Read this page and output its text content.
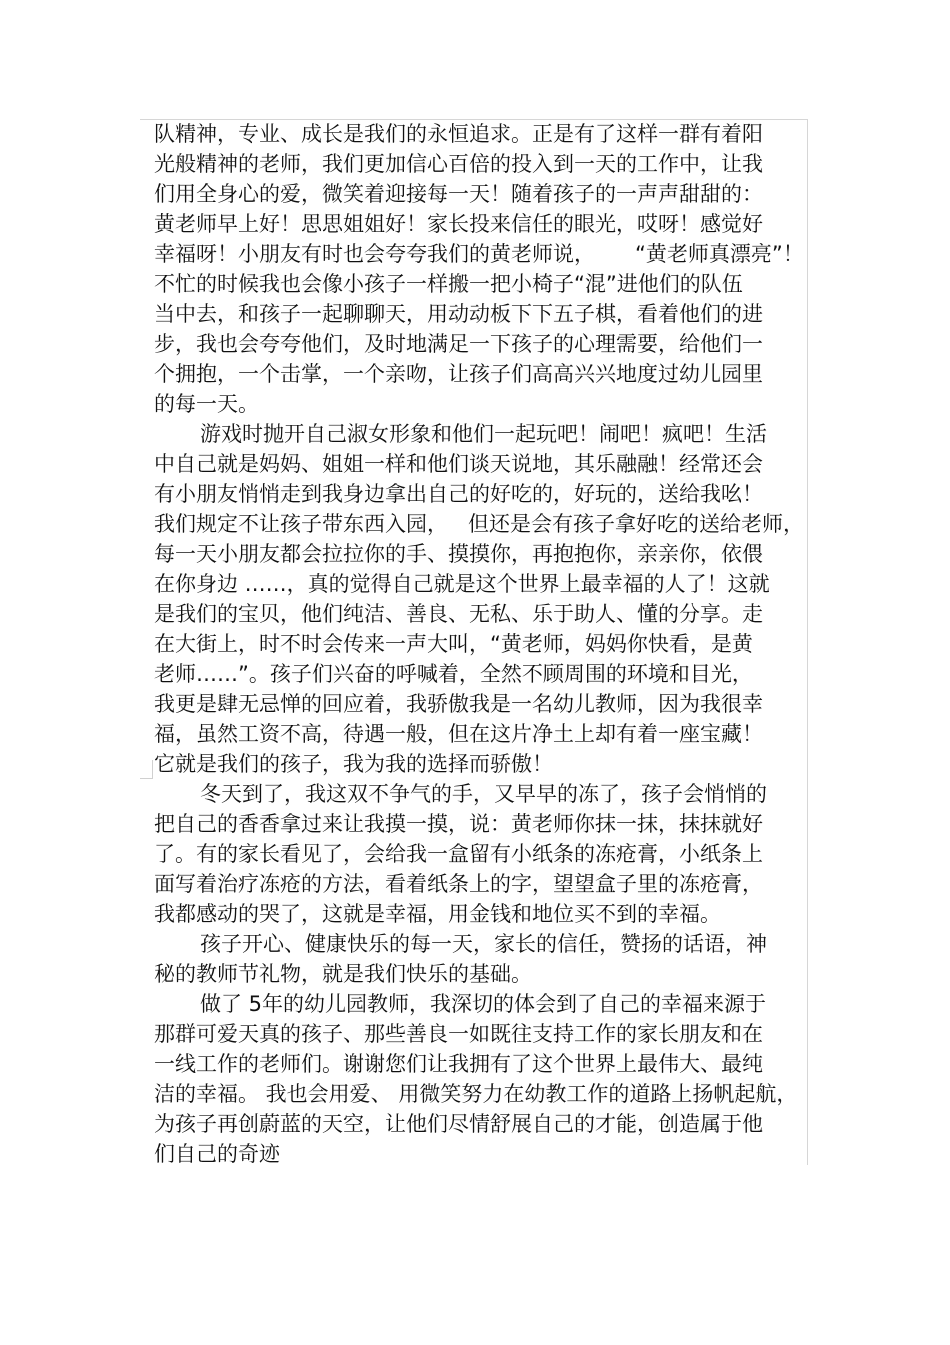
队精神，专业、成长是我们的永恒追求。正是有了这样一群有着阳
光般精神的老师，我们更加信心百倍的投入到一天的工作中，让我
们用全身心的爱，微笑着迎接每一天！随着孩子的一声声甜甜的：
黄老师早上好！思思姐姐好！家长投来信任的眼光，哎呀！感觉好
幸福呀！小朋友有时也会夸夸我们的黄老师说，      “黄老师真漂亮”！
不忙的时候我也会像小孩子一样搬一把小椅子“混”进他们的队伍
当中去，和孩子一起聊聊天，用动动板下下五子棋，看着他们的进
步，我也会夸夸他们，及时地满足一下孩子的心理需要，给他们一
个拥抱，一个击掌，一个亲吻，让孩子们高高兴兴地度过幼儿园里
的每一天。
游戏时抛开自己淑女形象和他们一起玩吧！闹吧！疯吧！生活
中自己就是妈妈、姐姐一样和他们谈天说地，其乐融融！经常还会
有小朋友悄悄走到我身边拿出自己的好吃的，好玩的，送给我吆！
我们规定不让孩子带东西入园，   但还是会有孩子拿好吃的送给老师，
每一天小朋友都会拉拉你的手、摸摸你，再抱抱你，亲亲你，依偎
在你身边 ……，真的觉得自己就是这个世界上最幸福的人了！这就
是我们的宝贝，他们纯洁、善良、无私、乐于助人、懂的分享。走
在大街上，时不时会传来一声大叫，“黄老师，妈妈你快看，是黄
老师……”。孩子们兴奋的呼喊着，全然不顾周围的环境和目光，
我更是肆无忌惮的回应着，我骄傲我是一名幼儿教师，因为我很幸
福，虽然工资不高，待遇一般，但在这片净土上却有着一座宝藏！
它就是我们的孩子，我为我的选择而骄傲！
冬天到了，我这双不争气的手，又早早的冻了，孩子会悄悄的
把自己的香香拿过来让我摸一摸，说：黄老师你抹一抹，抹抹就好
了。有的家长看见了，会给我一盒留有小纸条的冻疮膏，小纸条上
面写着治疗冻疮的方法，看着纸条上的字，望望盒子里的冻疮膏，
我都感动的哭了，这就是幸福，用金钱和地位买不到的幸福。
孩子开心、健康快乐的每一天，家长的信任，赞扬的话语，神
秘的教师节礼物，就是我们快乐的基础。
做了 5年的幼儿园教师，我深切的体会到了自己的幸福来源于
那群可爱天真的孩子、那些善良一如既往支持工作的家长朋友和在
一线工作的老师们。谢谢您们让我拥有了这个世界上最伟大、最纯
洁的幸福。 我也会用爱、 用微笑努力在幼教工作的道路上扬帆起航，
为孩子再创蔚蓝的天空，让他们尽情舒展自己的才能，创造属于他
们自己的奇迹
